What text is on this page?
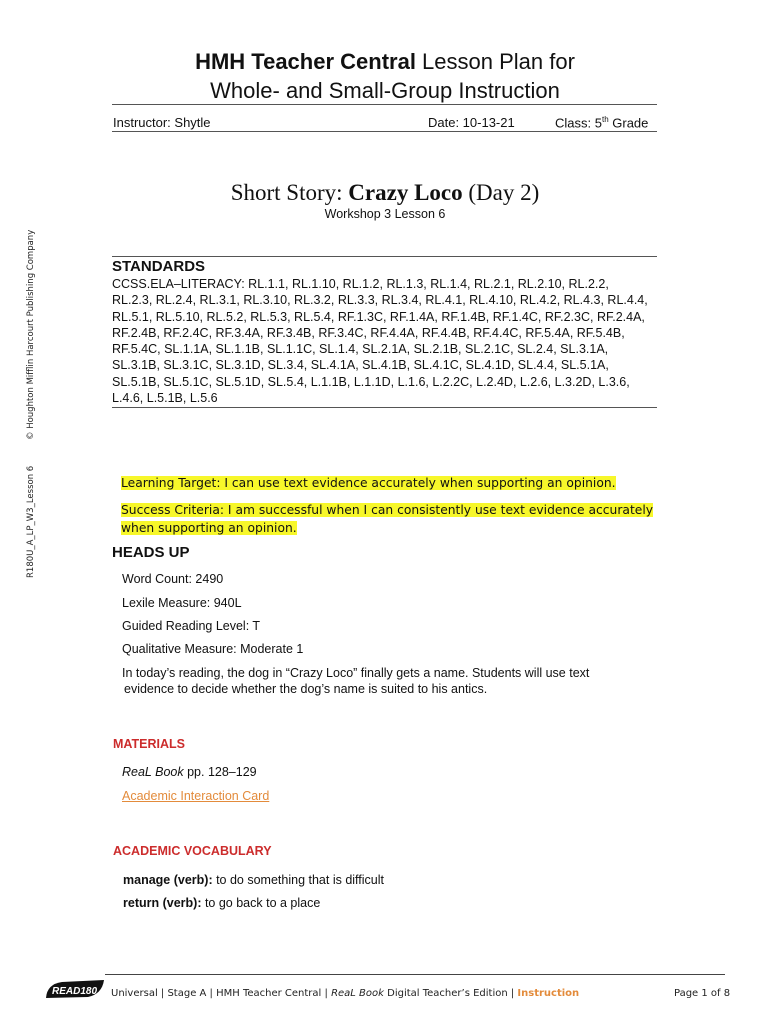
HMH Teacher Central Lesson Plan for
Whole- and Small-Group Instruction
Instructor: Shytle	Date: 10-13-21	Class: 5th Grade
Short Story: Crazy Loco (Day 2)
Workshop 3 Lesson 6
© Houghton Mifflin Harcourt Publishing Company
R180U_A_LP_W3_Lesson 6
STANDARDS
CCSS.ELA–LITERACY: RL.1.1, RL.1.10, RL.1.2, RL.1.3, RL.1.4, RL.2.1, RL.2.10, RL.2.2, RL.2.3, RL.2.4, RL.3.1, RL.3.10, RL.3.2, RL.3.3, RL.3.4, RL.4.1, RL.4.10, RL.4.2, RL.4.3, RL.4.4, RL.5.1, RL.5.10, RL.5.2, RL.5.3, RL.5.4, RF.1.3C, RF.1.4A, RF.1.4B, RF.1.4C, RF.2.3C, RF.2.4A, RF.2.4B, RF.2.4C, RF.3.4A, RF.3.4B, RF.3.4C, RF.4.4A, RF.4.4B, RF.4.4C, RF.5.4A, RF.5.4B, RF.5.4C, SL.1.1A, SL.1.1B, SL.1.1C, SL.1.4, SL.2.1A, SL.2.1B, SL.2.1C, SL.2.4, SL.3.1A, SL.3.1B, SL.3.1C, SL.3.1D, SL.3.4, SL.4.1A, SL.4.1B, SL.4.1C, SL.4.1D, SL.4.4, SL.5.1A, SL.5.1B, SL.5.1C, SL.5.1D, SL.5.4, L.1.1B, L.1.1D, L.1.6, L.2.2C, L.2.4D, L.2.6, L.3.2D, L.3.6, L.4.6, L.5.1B, L.5.6
Learning Target: I can use text evidence accurately when supporting an opinion.
Success Criteria: I am successful when I can consistently use text evidence accurately
when supporting an opinion.
HEADS UP
Word Count: 2490
Lexile Measure: 940L
Guided Reading Level: T
Qualitative Measure: Moderate 1
In today’s reading, the dog in “Crazy Loco” finally gets a name. Students will use text
evidence to decide whether the dog’s name is suited to his antics.
MATERIALS
ReaL Book pp. 128–129
Academic Interaction Card
ACADEMIC VOCABULARY
manage (verb): to do something that is difficult
return (verb): to go back to a place
READ180 Universal | Stage A | HMH Teacher Central | ReaL Book Digital Teacher’s Edition | Instruction	Page 1 of 8
